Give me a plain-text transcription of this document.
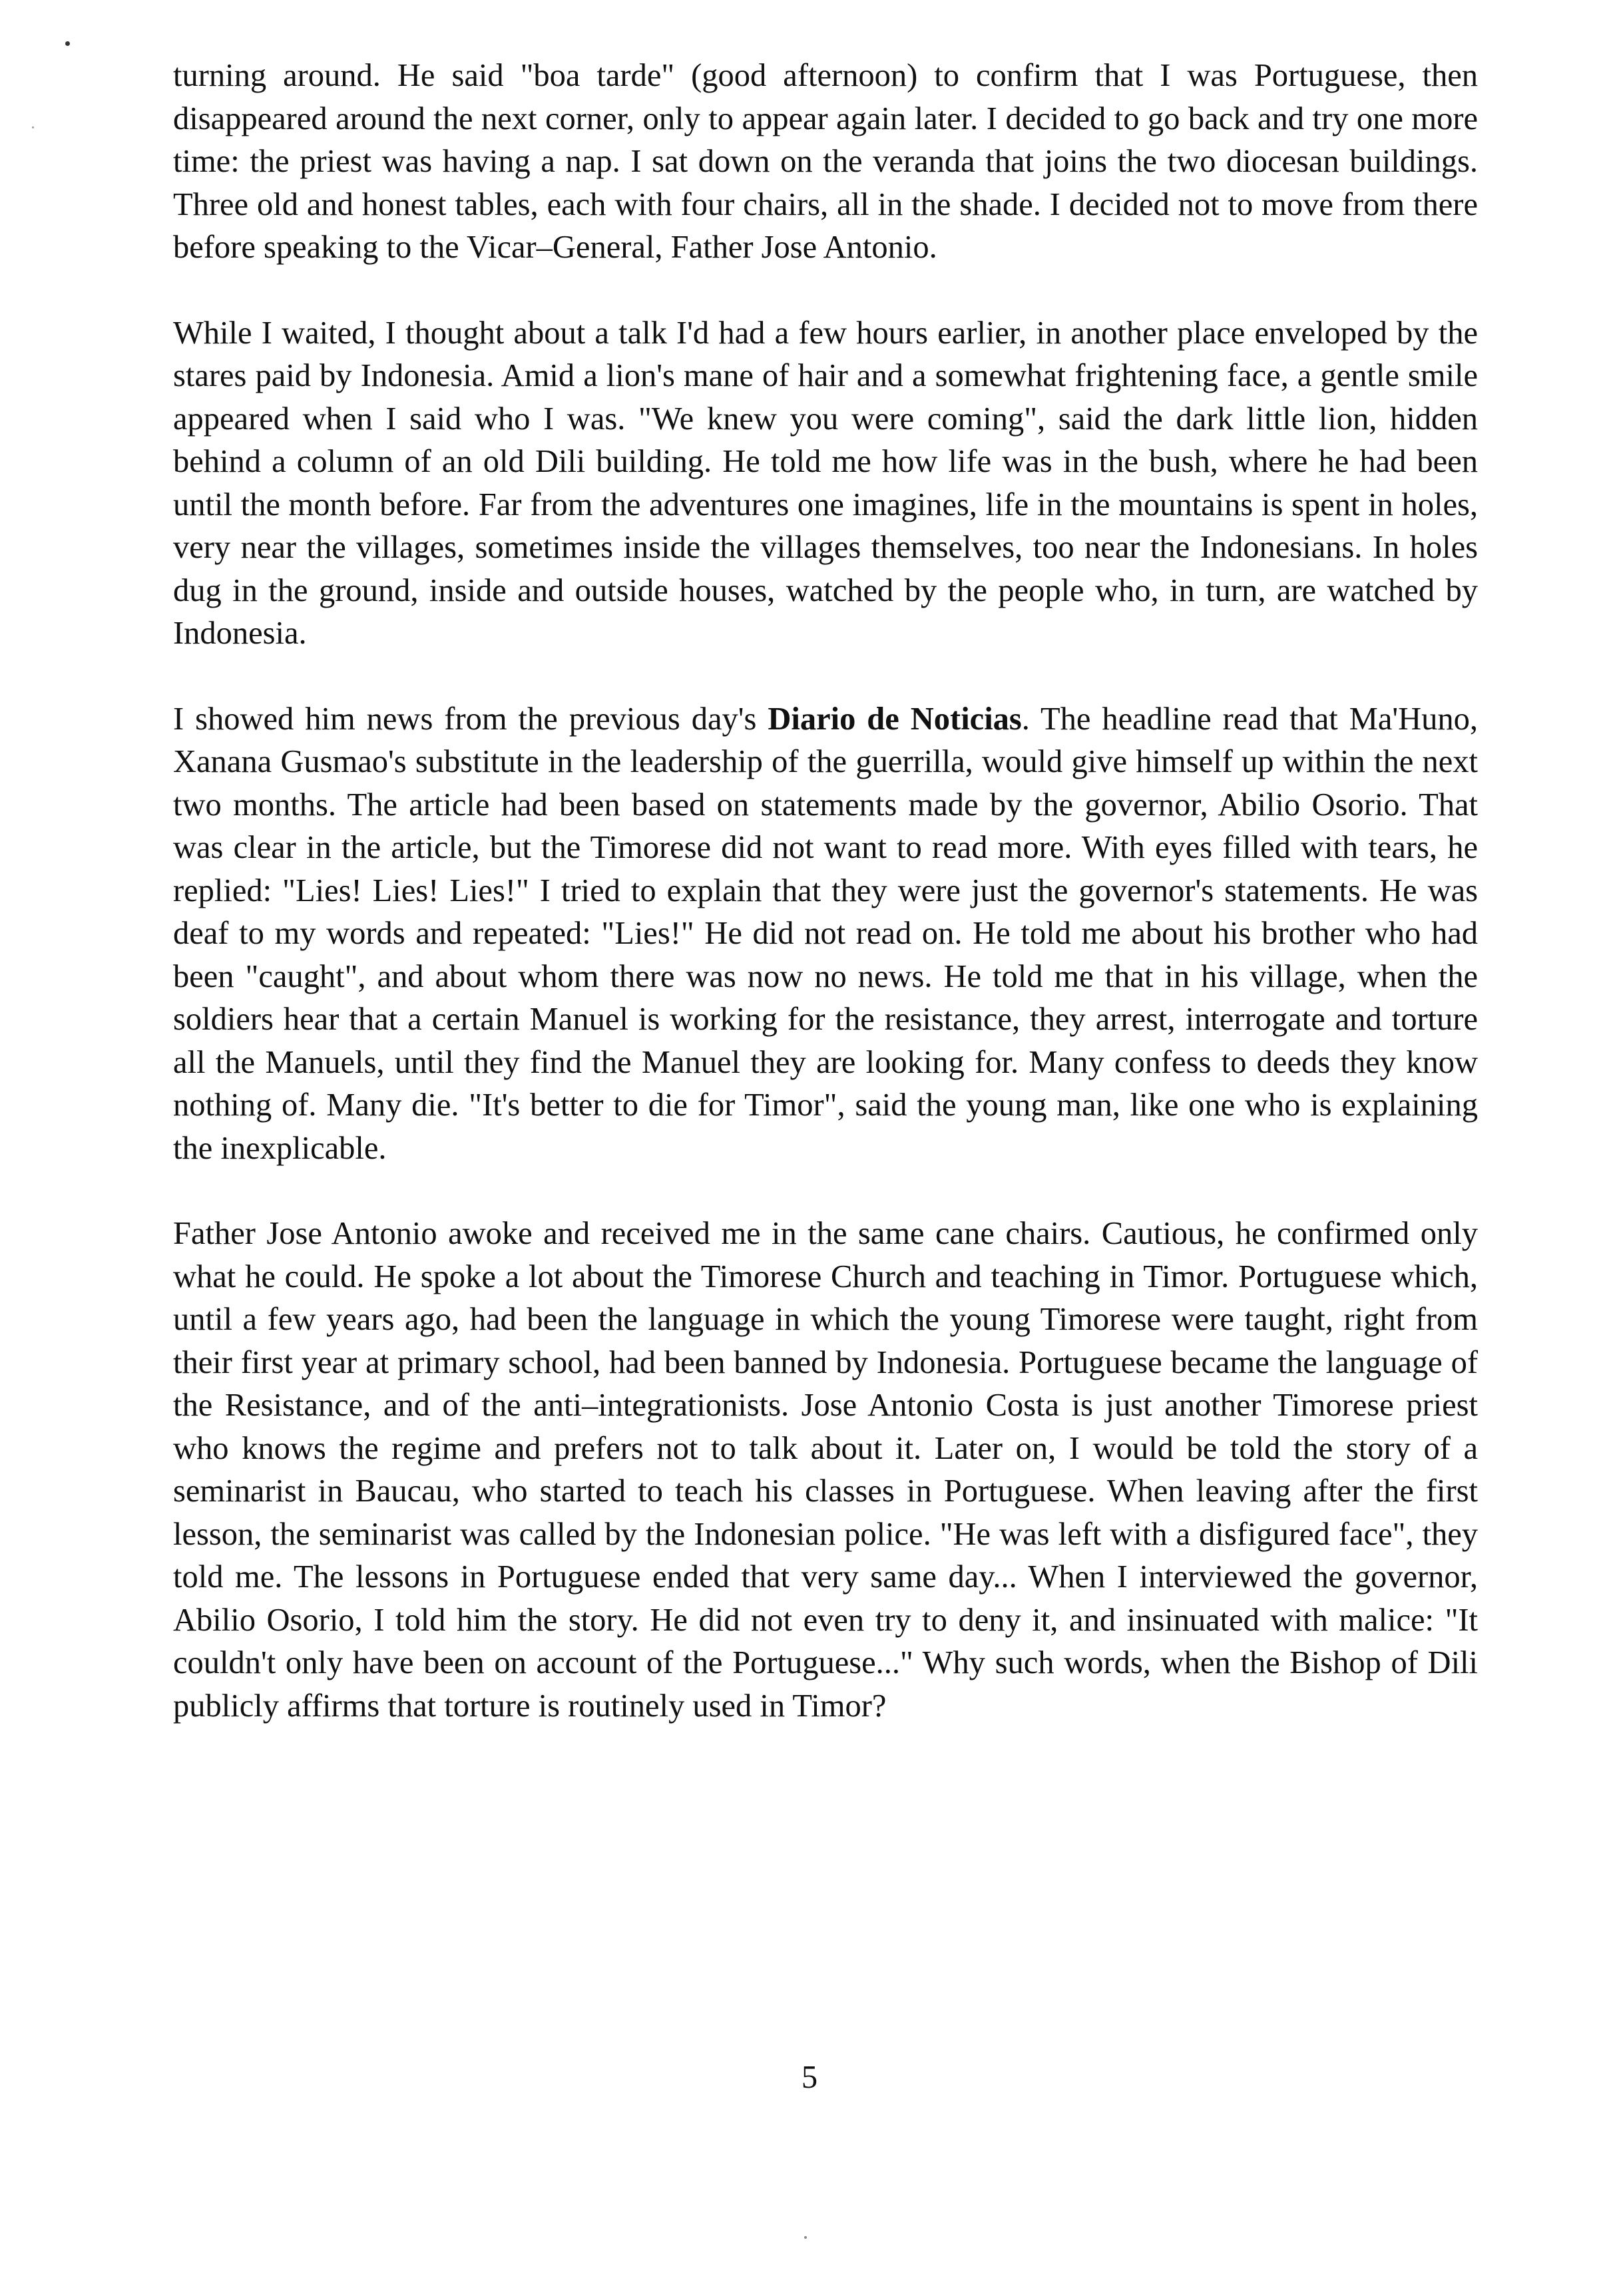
turning around. He said "boa tarde" (good afternoon) to confirm that I was Portuguese, then disappeared around the next corner, only to appear again later. I decided to go back and try one more time: the priest was having a nap. I sat down on the veranda that joins the two diocesan buildings. Three old and honest tables, each with four chairs, all in the shade. I decided not to move from there before speaking to the Vicar–General, Father Jose Antonio.

While I waited, I thought about a talk I'd had a few hours earlier, in another place enveloped by the stares paid by Indonesia. Amid a lion's mane of hair and a somewhat frightening face, a gentle smile appeared when I said who I was. "We knew you were coming", said the dark little lion, hidden behind a column of an old Dili building. He told me how life was in the bush, where he had been until the month before. Far from the adventures one imagines, life in the mountains is spent in holes, very near the villages, sometimes inside the villages themselves, too near the Indonesians. In holes dug in the ground, inside and outside houses, watched by the people who, in turn, are watched by Indonesia.

I showed him news from the previous day's Diario de Noticias. The headline read that Ma'Huno, Xanana Gusmao's substitute in the leadership of the guerrilla, would give himself up within the next two months. The article had been based on statements made by the governor, Abilio Osorio. That was clear in the article, but the Timorese did not want to read more. With eyes filled with tears, he replied: "Lies! Lies! Lies!" I tried to explain that they were just the governor's statements. He was deaf to my words and repeated: "Lies!" He did not read on. He told me about his brother who had been "caught", and about whom there was now no news. He told me that in his village, when the soldiers hear that a certain Manuel is working for the resistance, they arrest, interrogate and torture all the Manuels, until they find the Manuel they are looking for. Many confess to deeds they know nothing of. Many die. "It's better to die for Timor", said the young man, like one who is explaining the inexplicable.

Father Jose Antonio awoke and received me in the same cane chairs. Cautious, he confirmed only what he could. He spoke a lot about the Timorese Church and teaching in Timor. Portuguese which, until a few years ago, had been the language in which the young Timorese were taught, right from their first year at primary school, had been banned by Indonesia. Portuguese became the language of the Resistance, and of the anti–integrationists. Jose Antonio Costa is just another Timorese priest who knows the regime and prefers not to talk about it. Later on, I would be told the story of a seminarist in Baucau, who started to teach his classes in Portuguese. When leaving after the first lesson, the seminarist was called by the Indonesian police. "He was left with a disfigured face", they told me. The lessons in Portuguese ended that very same day... When I interviewed the governor, Abilio Osorio, I told him the story. He did not even try to deny it, and insinuated with malice: "It couldn't only have been on account of the Portuguese..." Why such words, when the Bishop of Dili publicly affirms that torture is routinely used in Timor?

5
